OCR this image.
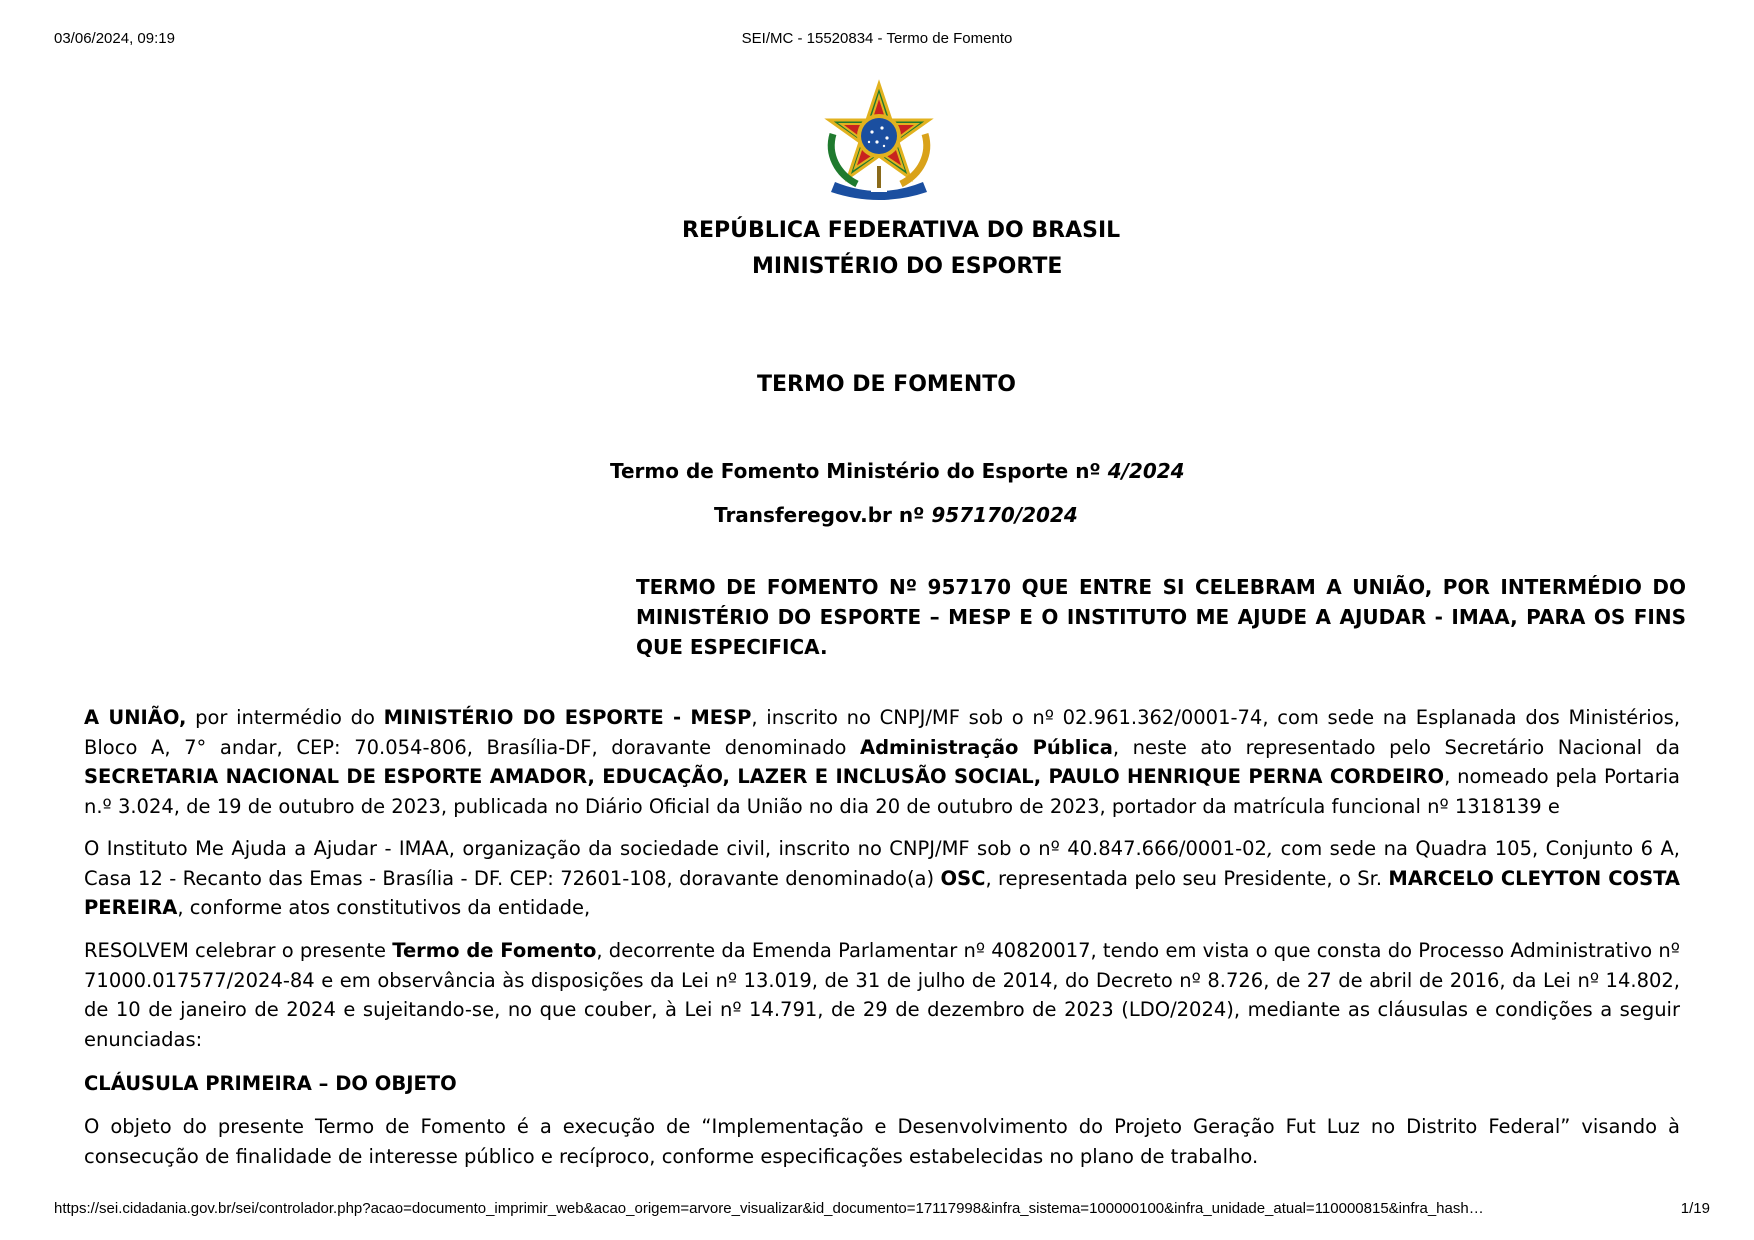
03/06/2024, 09:19	SEI/MC - 15520834 - Termo de Fomento
REPÚBLICA FEDERATIVA DO BRASIL
MINISTÉRIO DO ESPORTE
TERMO DE FOMENTO
Termo de Fomento Ministério do Esporte nº 4/2024
Transferegov.br nº 957170/2024

TERMO DE FOMENTO Nº 957170 QUE ENTRE SI CELEBRAM A UNIÃO, POR INTERMÉDIO DO MINISTÉRIO DO ESPORTE – MESP E O INSTITUTO ME AJUDE A AJUDAR - IMAA, PARA OS FINS QUE ESPECIFICA.

A UNIÃO, por intermédio do MINISTÉRIO DO ESPORTE - MESP, inscrito no CNPJ/MF sob o nº 02.961.362/0001-74, com sede na Esplanada dos Ministérios, Bloco A, 7° andar, CEP: 70.054-806, Brasília-DF, doravante denominado Administração Pública, neste ato representado pelo Secretário Nacional da SECRETARIA NACIONAL DE ESPORTE AMADOR, EDUCAÇÃO, LAZER E INCLUSÃO SOCIAL, PAULO HENRIQUE PERNA CORDEIRO, nomeado pela Portaria n.º 3.024, de 19 de outubro de 2023, publicada no Diário Oficial da União no dia 20 de outubro de 2023, portador da matrícula funcional nº 1318139 e

O Instituto Me Ajuda a Ajudar - IMAA, organização da sociedade civil, inscrito no CNPJ/MF sob o nº 40.847.666/0001-02, com sede na Quadra 105, Conjunto 6 A, Casa 12 - Recanto das Emas - Brasília - DF. CEP: 72601-108, doravante denominado(a) OSC, representada pelo seu Presidente, o Sr. MARCELO CLEYTON COSTA PEREIRA, conforme atos constitutivos da entidade,

RESOLVEM celebrar o presente Termo de Fomento, decorrente da Emenda Parlamentar nº 40820017, tendo em vista o que consta do Processo Administrativo nº 71000.017577/2024-84 e em observância às disposições da Lei nº 13.019, de 31 de julho de 2014, do Decreto nº 8.726, de 27 de abril de 2016, da Lei nº 14.802, de 10 de janeiro de 2024 e sujeitando-se, no que couber, à Lei nº 14.791, de 29 de dezembro de 2023 (LDO/2024), mediante as cláusulas e condições a seguir enunciadas:

CLÁUSULA PRIMEIRA – DO OBJETO

O objeto do presente Termo de Fomento é a execução de “Implementação e Desenvolvimento do Projeto Geração Fut Luz no Distrito Federal” visando à consecução de finalidade de interesse público e recíproco, conforme especificações estabelecidas no plano de trabalho.

https://sei.cidadania.gov.br/sei/controlador.php?acao=documento_imprimir_web&acao_origem=arvore_visualizar&id_documento=17117998&infra_sistema=100000100&infra_unidade_atual=110000815&infra_hash…	1/19
